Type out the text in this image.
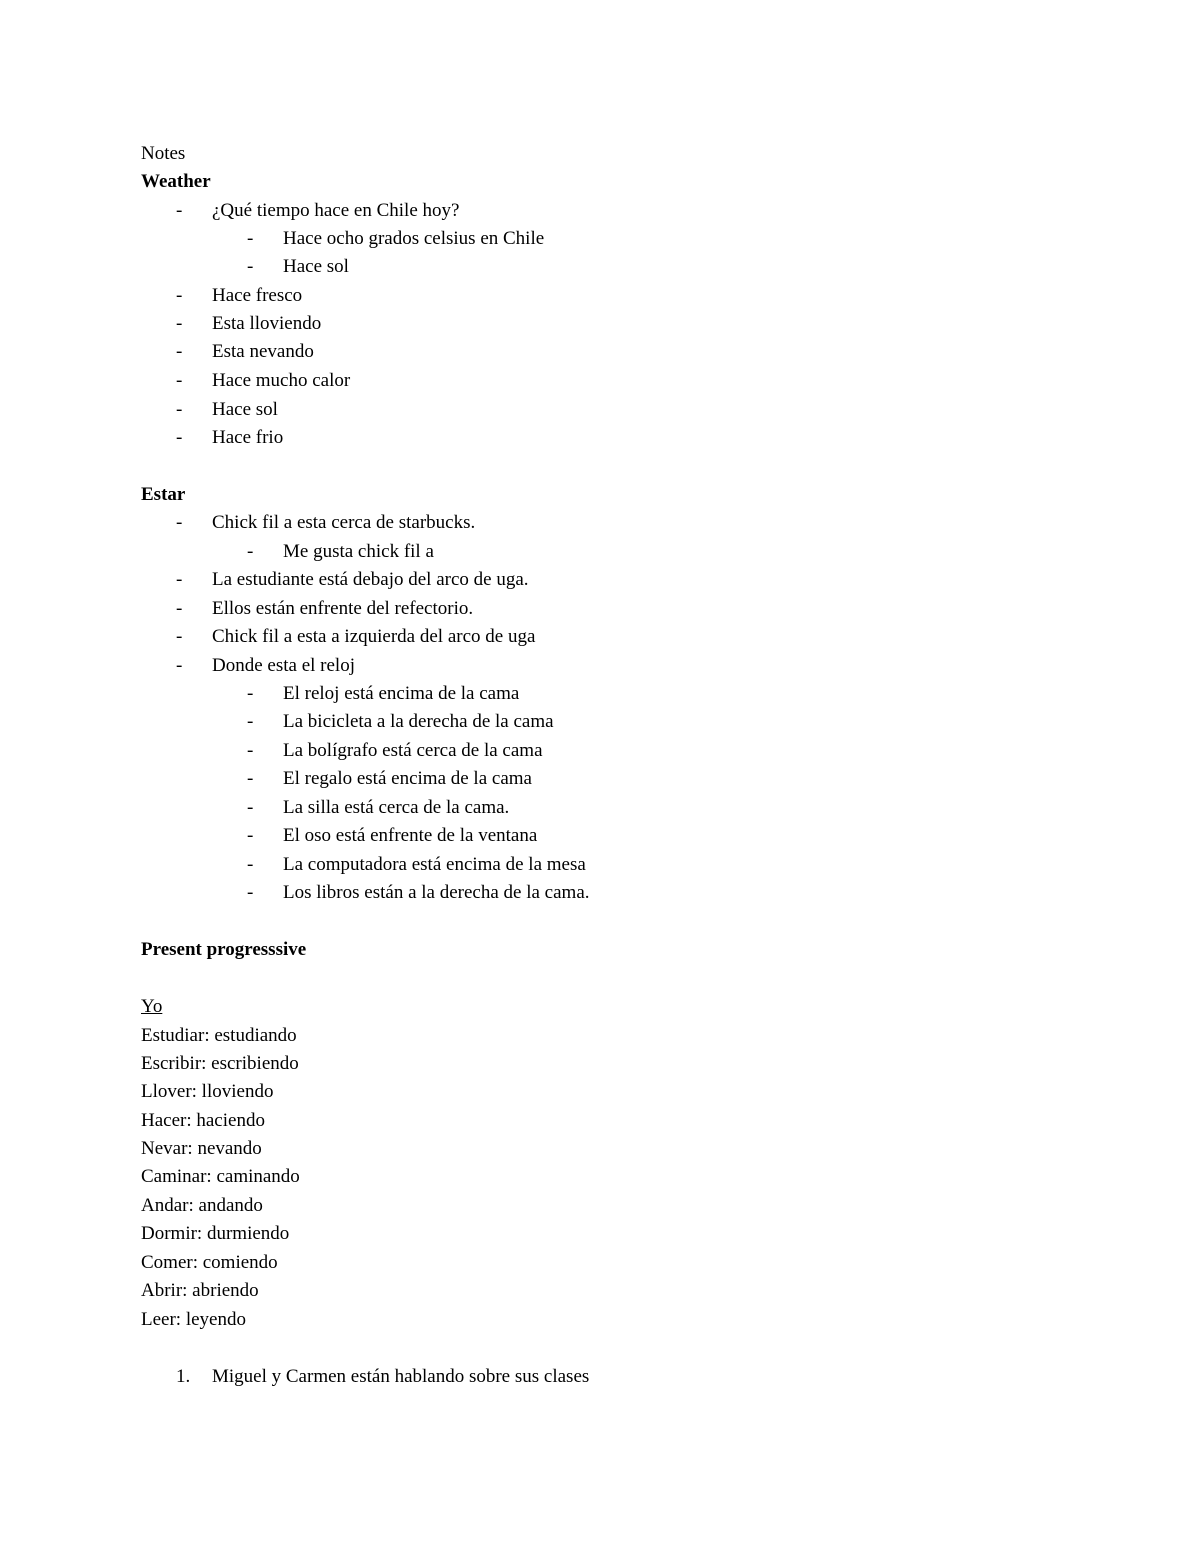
Notes
Weather
-	¿Qué tiempo hace en Chile hoy?
-	Hace ocho grados celsius en Chile
-	Hace sol
-	Hace fresco
-	Esta lloviendo
-	Esta nevando
-	Hace mucho calor
-	Hace sol
-	Hace frio
Estar
-	Chick fil a esta cerca de starbucks.
-	Me gusta chick fil a
-	La estudiante está debajo del arco de uga.
-	Ellos están enfrente del refectorio.
-	Chick fil a esta a izquierda del arco de uga
-	Donde esta el reloj
-	El reloj está encima de la cama
-	La bicicleta a la derecha de la cama
-	La bolígrafo está cerca de la cama
-	El regalo está encima de la cama
-	La silla está cerca de la cama.
-	El oso está enfrente de la ventana
-	La computadora está encima de la mesa
-	Los libros están a la derecha de la cama.
Present progresssive
Yo
Estudiar: estudiando
Escribir: escribiendo
Llover: lloviendo
Hacer: haciendo
Nevar: nevando
Caminar: caminando
Andar: andando
Dormir: durmiendo
Comer: comiendo
Abrir: abriendo
Leer: leyendo
1. Miguel y Carmen están hablando sobre sus clases
